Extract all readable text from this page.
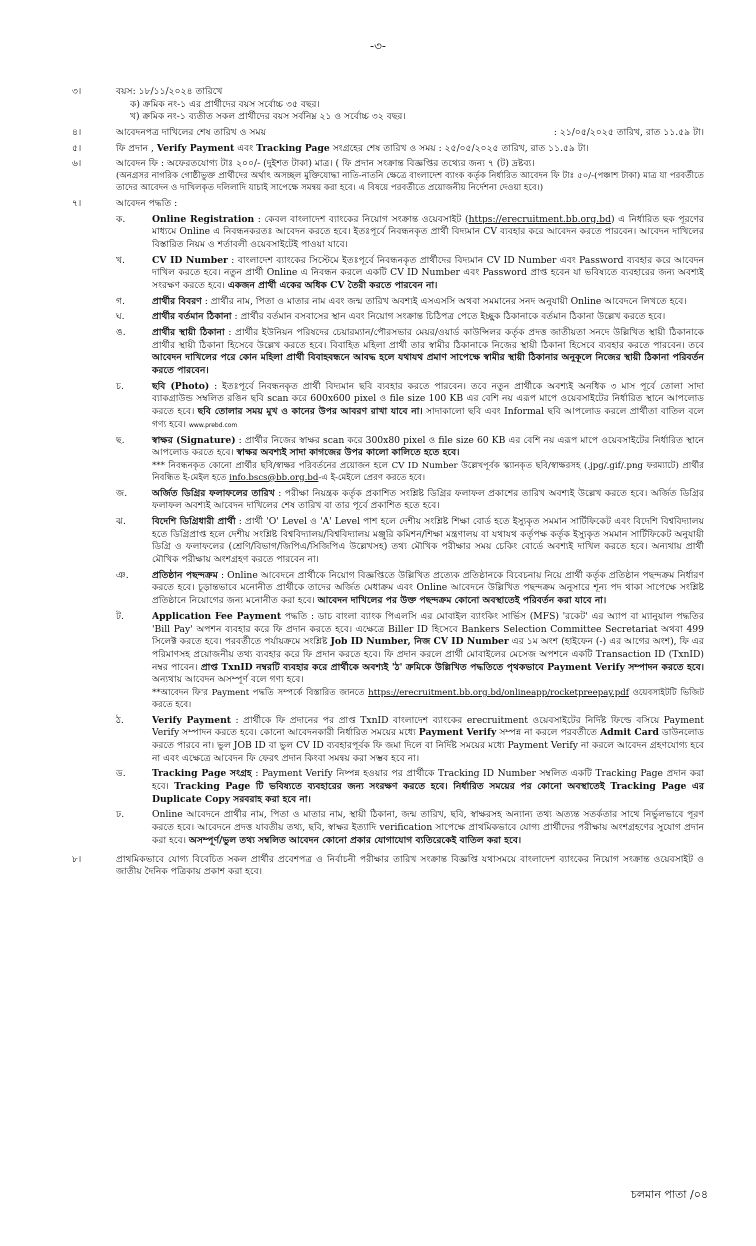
-৩-
৩।	বয়স: ১৮/১১/২০২৪ তারিখে

ক) ক্রমিক নং-১ এর প্রার্থীদের বয়স সর্বোচ্চ ৩৫ বছর।

খ) ক্রমিক নং-১ ব্যতীত সকল প্রার্থীদের বয়স সর্বনিম্ন ২১ ও সর্বোচ্চ ৩২ বছর।

৪।	আবেদনপত্র দাখিলের শেষ তারিখ ও সময়	: ২১/০৫/২০২৫ তারিখ, রাত ১১.৫৯ টা।
৫।	ফি প্রদান , Verify Payment এবং Tracking Page সংগ্রহের শেষ তারিখ ও সময় : ২৫/০৫/২০২৫ তারিখ, রাত ১১.৫৯ টা।
৬।	আবেদন ফি : অফেরতযোগ্য টাঃ ২০০/- (দুইশত টাকা) মাত্র। ( ফি প্রদান সংক্রান্ত বিজ্ঞপ্তির তথ্যের জন্য ৭ (ট) দ্রষ্টব্য।

(অনগ্রসর নাগরিক গোষ্ঠীভুক্ত প্রার্থীদের অর্থাৎ অসচ্ছল মুক্তিযোদ্ধা নাতি-নাতনি ক্ষেত্রে বাংলাদেশ ব্যাংক কর্তৃক নির্ধারিত আবেদন ফি টাঃ ৫০/-(পঞ্চাশ টাকা) মাত্র যা পরবর্তীতে তাদের আবেদন ও দাখিলকৃত দলিলাদি যাচাই সাপেক্ষে সমন্বয় করা হবে। এ বিষয়ে পরবর্তীতে প্রয়োজনীয় নির্দেশনা দেওয়া হবে।)

৭।	আবেদন পদ্ধতি :

ক.	Online Registration : কেবল বাংলাদেশ ব্যাংকের নিয়োগ সংক্রান্ত ওয়েবসাইট (https://erecruitment.bb.org.bd) এ নির্ধারিত ছক পূরণের মাধ্যমে Online এ নিবন্ধনকরতঃ আবেদন করতে হবে। ইতঃপূর্বে নিবন্ধনকৃত প্রার্থী বিদ্যমান CV ব্যবহার করে আবেদন করতে পারবেন। আবেদন দাখিলের বিস্তারিত নিয়ম ও শর্তাবলী ওয়েবসাইটেই পাওয়া যাবে।
খ.	CV ID Number : বাংলাদেশ ব্যাংকের সিস্টেমে ইতঃপূর্বে নিবন্ধনকৃত প্রার্থীদের বিদ্যমান CV ID Number এবং Password ব্যবহার করে আবেদন দাখিল করতে হবে। নতুন প্রার্থী Online এ নিবন্ধন করলে একটি CV ID Number এবং Password প্রাপ্ত হবেন যা ভবিষ্যতে ব্যবহারের জন্য অবশ্যই সংরক্ষণ করতে হবে। একজন প্রার্থী একের অধিক CV তৈরী করতে পারবেন না।
গ.	প্রার্থীর বিবরণ : প্রার্থীর নাম, পিতা ও মাতার নাম এবং জন্ম তারিখ অবশ্যই এসএসসি অথবা সমমানের সনদ অনুযায়ী Online আবেদনে লিখতে হবে।
ঘ.	প্রার্থীর বর্তমান ঠিকানা : প্রার্থীর বর্তমান বসবাসের স্থান এবং নিয়োগ সংক্রান্ত চিঠিপত্র পেতে ইচ্ছুক ঠিকানাকে বর্তমান ঠিকানা উল্লেখ করতে হবে।
ঙ.	প্রার্থীর স্থায়ী ঠিকানা : প্রার্থীর ইউনিয়ন পরিষদের চেয়ারম্যান/পৌরসভার মেয়র/ওয়ার্ড কাউন্সিলর কর্তৃক প্রদত্ত জাতীয়তা সনদে উল্লিখিত স্থায়ী ঠিকানাকে প্রার্থীর স্থায়ী ঠিকানা হিসেবে উল্লেখ করতে হবে। বিবাহিত মহিলা প্রার্থী তার স্বামীর ঠিকানাকে নিজের স্থায়ী ঠিকানা হিসেবে ব্যবহার করতে পারবেন। তবে আবেদন দাখিলের পরে কোন মহিলা প্রার্থী বিবাহবন্ধনে আবদ্ধ হলে যথাযথ প্রমাণ সাপেক্ষে স্বামীর স্থায়ী ঠিকানার অনুকূলে নিজের স্থায়ী ঠিকানা পরিবর্তন করতে পারবেন।
চ.	ছবি (Photo) : ইতঃপূর্বে নিবন্ধনকৃত প্রার্থী বিদ্যমান ছবি ব্যবহার করতে পারবেন। তবে নতুন প্রার্থীকে অবশ্যই অনধিক ৩ মাস পূর্বে তোলা সাদা ব্যাকগ্রাউন্ড সম্বলিত রঙিন ছবি scan করে 600x600 pixel ও file size 100 KB এর বেশি নয় এরূপ মাপে ওয়েবসাইটের নির্ধারিত স্থানে আপলোড করতে হবে। ছবি তোলার সময় মুখ ও কানের উপর আবরণ রাখা যাবে না। সাদাকালো ছবি এবং Informal ছবি আপলোড করলে প্রার্থীতা বাতিল বলে গণ্য হবে। www.prebd.com
ছ.	স্বাক্ষর (Signature) : প্রার্থীর নিজের স্বাক্ষর scan করে 300x80 pixel ও file size 60 KB এর বেশি নয় এরূপ মাপে ওয়েবসাইটের নির্ধারিত স্থানে আপলোড করতে হবে। স্বাক্ষর অবশ্যই সাদা কাগজের উপর কালো কালিতে হতে হবে।

*** নিবন্ধনকৃত কোনো প্রার্থীর ছবি/স্বাক্ষর পরিবর্তনের প্রয়োজন হলে CV ID Number উল্লেখপূর্বক স্ক্যানকৃত ছবি/স্বাক্ষরসহ (.jpg/.gif/.png ফরম্যাটে) প্রার্থীর নিবন্ধিত ই-মেইল হতে info.bscs@bb.org.bd-এ ই-মেইলে প্রেরণ করতে হবে।

জ.	অর্জিত ডিগ্রির ফলাফলের তারিখ : পরীক্ষা নিয়ন্ত্রক কর্তৃক প্রকাশিত সংশ্লিষ্ট ডিগ্রির ফলাফল প্রকাশের তারিখ অবশ্যই উল্লেখ করতে হবে। অর্জিত ডিগ্রির ফলাফল অবশ্যই আবেদন দাখিলের শেষ তারিখ বা তার পূর্বে প্রকাশিত হতে হবে।
ঝ.	বিদেশি ডিগ্রিধারী প্রার্থী : প্রার্থী 'O' Level ও 'A' Level পাশ হলে দেশীয় সংশ্লিষ্ট শিক্ষা বোর্ড হতে ইস্যুকৃত সমমান সার্টিফিকেট এবং বিদেশি বিশ্ববিদ্যালয় হতে ডিগ্রিপ্রাপ্ত হলে দেশীয় সংশ্লিষ্ট বিশ্ববিদ্যালয়/বিশ্ববিদ্যালয় মঞ্জুরি কমিশন/শিক্ষা মন্ত্রণালয় বা যথাযথ কর্তৃপক্ষ কর্তৃক ইস্যুকৃত সমমান সার্টিফিকেট অনুযায়ী ডিগ্রি ও ফলাফলের (শ্রেণি/বিভাগ/জিপিএ/সিজিপিএ উল্লেখসহ) তথ্য মৌখিক পরীক্ষার সময় চেকিং বোর্ডে অবশ্যই দাখিল করতে হবে। অন্যথায় প্রার্থী মৌখিক পরীক্ষায় অংশগ্রহণ করতে পারবেন না।
ঞ.	প্রতিষ্ঠান পছন্দক্রম : Online আবেদনে প্রার্থীকে নিয়োগ বিজ্ঞপ্তিতে উল্লিখিত প্রত্যেক প্রতিষ্ঠানকে বিবেচনায় নিয়ে প্রার্থী কর্তৃক প্রতিষ্ঠান পছন্দক্রম নির্ধারণ করতে হবে। চূড়ান্তভাবে মনোনীত প্রার্থীকে তাদের অর্জিত মেধাক্রম এবং Online আবেদনে উল্লিখিত পছন্দক্রম অনুসারে শূন্য পদ থাকা সাপেক্ষে সংশ্লিষ্ট প্রতিষ্ঠানে নিয়োগের জন্য মনোনীত করা হবে। আবেদন দাখিলের পর উক্ত পছন্দক্রম কোনো অবস্থাতেই পরিবর্তন করা যাবে না।
ট.	Application Fee Payment পদ্ধতি : ডাচ বাংলা ব্যাংক পিএলসি এর মোবাইল ব্যাংকিং সার্ভিস (MFS) 'রকেট' এর অ্যাপ বা ম্যানুয়াল পদ্ধতির 'Bill Pay' অপশন ব্যবহার করে ফি প্রদান করতে হবে। এক্ষেত্রে Biller ID হিসেবে Bankers Selection Committee Secretariat অথবা 499 সিলেক্ট করতে হবে। পরবর্তীতে পর্যায়ক্রমে সংশ্লিষ্ট Job ID Number, নিজ CV ID Number এর ১ম অংশ (হাইফেন (-) এর আগের অংশ), ফি এর পরিমাণসহ প্রয়োজনীয় তথ্য ব্যবহার করে ফি প্রদান করতে হবে। ফি প্রদান করলে প্রার্থী মোবাইলের মেসেজ অপশনে একটি Transaction ID (TxnID) নম্বর পাবেন। প্রাপ্ত TxnID নম্বরটি ব্যবহার করে প্রার্থীকে অবশ্যই 'ঠ' ক্রমিকে উল্লিখিত পদ্ধতিতে পৃথকভাবে Payment Verify সম্পাদন করতে হবে। অন্যথায় আবেদন অসম্পূর্ণ বলে গণ্য হবে।

**আবেদন ফি'র Payment পদ্ধতি সম্পর্কে বিস্তারিত জানতে https://erecruitment.bb.org.bd/onlineapp/rocketpreepay.pdf ওয়েবসাইটটি ভিজিট করতে হবে।

ঠ.	Verify Payment : প্রার্থীকে ফি প্রদানের পর প্রাপ্ত TxnID বাংলাদেশ ব্যাংকের erecruitment ওয়েবসাইটের নির্দিষ্ট ফিল্ডে বসিয়ে Payment Verify সম্পাদন করতে হবে। কোনো আবেদনকারী নির্ধারিত সময়ের মধ্যে Payment Verify সম্পন্ন না করলে পরবর্তীতে Admit Card ডাউনলোড করতে পারবে না। ভুল JOB ID বা ভুল CV ID ব্যবহারপূর্বক ফি জমা দিলে বা নির্দিষ্ট সময়ের মধ্যে Payment Verify না করলে আবেদন গ্রহণযোগ্য হবে না এবং এক্ষেত্রে আবেদন ফি ফেরৎ প্রদান কিংবা সমন্বয় করা সম্ভব হবে না।
ড.	Tracking Page সংগ্রহ : Payment Verify নিষ্পন্ন হওয়ার পর প্রার্থীকে Tracking ID Number সম্বলিত একটি Tracking Page প্রদান করা হবে। Tracking Page টি ভবিষ্যতে ব্যবহারের জন্য সংরক্ষণ করতে হবে। নির্ধারিত সময়ের পর কোনো অবস্থাতেই Tracking Page এর Duplicate Copy সরবরাহ করা হবে না।
ঢ.	Online আবেদনে প্রার্থীর নাম, পিতা ও মাতার নাম, স্থায়ী ঠিকানা, জন্ম তারিখ, ছবি, স্বাক্ষরসহ অন্যান্য তথ্য অত্যন্ত সতর্কতার সাথে নির্ভুলভাবে পূরণ করতে হবে। আবেদনে প্রদত্ত যাবতীয় তথ্য, ছবি, স্বাক্ষর ইত্যাদি verification সাপেক্ষে প্রাথমিকভাবে যোগ্য প্রার্থীদের পরীক্ষায় অংশগ্রহণের সুযোগ প্রদান করা হবে। অসম্পূর্ণ/ভুল তথ্য সম্বলিত আবেদন কোনো প্রকার যোগাযোগ ব্যতিরেকেই বাতিল করা হবে।
৮।	প্রাথমিকভাবে যোগ্য বিবেচিত সকল প্রার্থীর প্রবেশপত্র ও নির্বাচনী পরীক্ষার তারিখ সংক্রান্ত বিজ্ঞপ্তি যথাসময়ে বাংলাদেশ ব্যাংকের নিয়োগ সংক্রান্ত ওয়েবসাইট ও জাতীয় দৈনিক পত্রিকায় প্রকাশ করা হবে।
চলমান পাতা /০৪
